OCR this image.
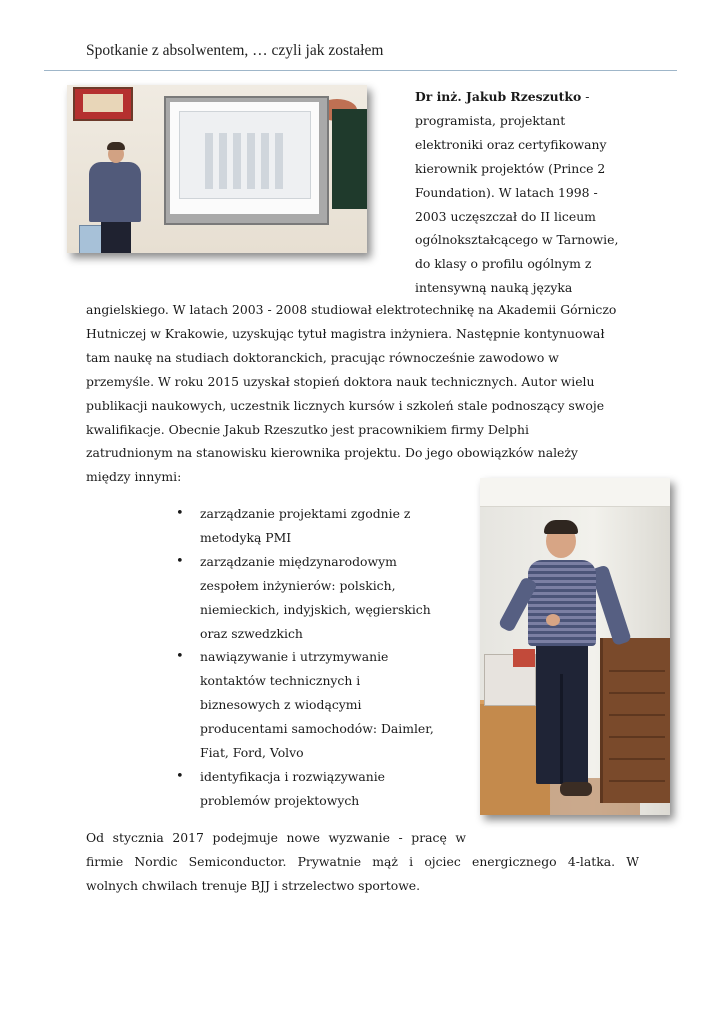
Spotkanie z absolwentem, … czyli jak zostałem
Dr inż. Jakub Rzeszutko -
programista, projektant
elektroniki oraz certyfikowany
kierownik projektów (Prince 2
Foundation). W latach 1998 -
2003 uczęszczał do II liceum
ogólnokształcącego w Tarnowie,
do klasy o profilu ogólnym z
intensywną nauką języka
angielskiego. W latach 2003 - 2008 studiował elektrotechnikę na Akademii Górniczo
Hutniczej w Krakowie, uzyskując tytuł magistra inżyniera. Następnie kontynuował
tam naukę na studiach doktoranckich, pracując równocześnie zawodowo w
przemyśle. W roku 2015 uzyskał stopień doktora nauk technicznych. Autor wielu
publikacji naukowych, uczestnik licznych kursów i szkoleń stale podnoszący swoje
kwalifikacje. Obecnie Jakub Rzeszutko jest pracownikiem firmy Delphi
zatrudnionym na stanowisku kierownika projektu. Do jego obowiązków należy
między innymi:
• zarządzanie projektami zgodnie z
metodyką PMI
• zarządzanie międzynarodowym
zespołem inżynierów: polskich,
niemieckich, indyjskich, węgierskich
oraz szwedzkich
• nawiązywanie i utrzymywanie
kontaktów technicznych i
biznesowych z wiodącymi
producentami samochodów: Daimler,
Fiat, Ford, Volvo
• identyfikacja i rozwiązywanie
problemów projektowych
Od stycznia 2017 podejmuje nowe wyzwanie - pracę w
firmie Nordic Semiconductor. Prywatnie mąż i ojciec energicznego 4-latka. W
wolnych chwilach trenuje BJJ i strzelectwo sportowe.
